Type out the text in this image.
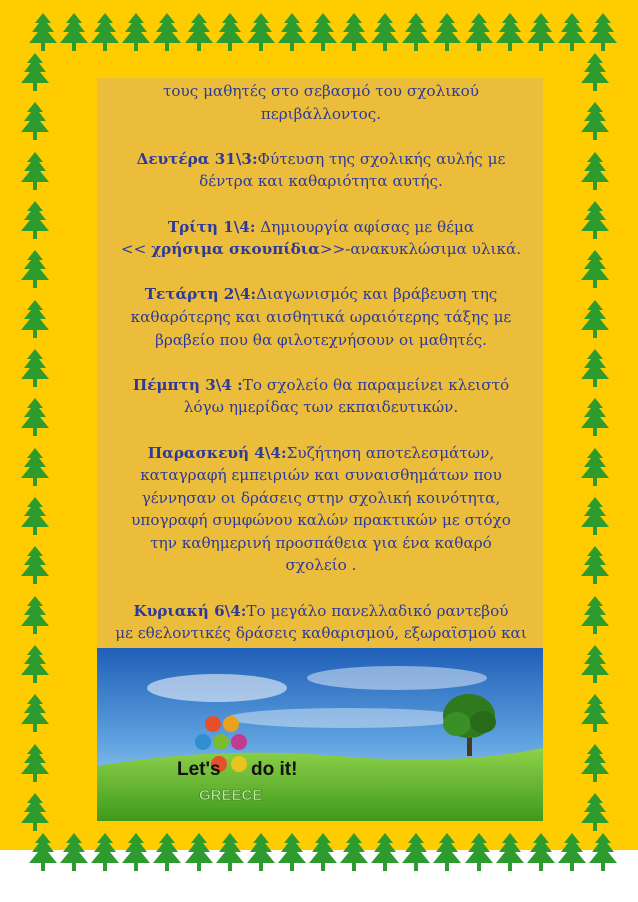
τους μαθητές στο σεβασμό του σχολικού

περιβάλλοντος.

Δευτέρα 31\3:Φύτευση της σχολικής αυλής με

δέντρα και καθαριότητα αυτής.

Τρίτη 1\4: Δημιουργία αφίσας με θέμα

<< χρήσιμα σκουπίδια>>-ανακυκλώσιμα υλικά.

Τετάρτη 2\4:Διαγωνισμός και βράβευση της

καθαρότερης και αισθητικά ωραιότερης τάξης με

βραβείο που θα φιλοτεχνήσουν οι μαθητές.

Πέμπτη 3\4 :Το σχολείο θα παραμείνει κλειστό

λόγω ημερίδας των εκπαιδευτικών.

Παρασκευή 4\4:Συζήτηση αποτελεσμάτων,

καταγραφή εμπειριών και συναισθημάτων που

γέννησαν οι δράσεις στην σχολική κοινότητα,

υπογραφή συμφώνου καλών πρακτικών με στόχο

την καθημερινή προσπάθεια για ένα καθαρό

σχολείο .

Κυριακή 6\4:Το μεγάλο πανελλαδικό ραντεβού

με εθελοντικές δράσεις καθαρισμού, εξωραϊσμού και

Let's do it!
GREECE
